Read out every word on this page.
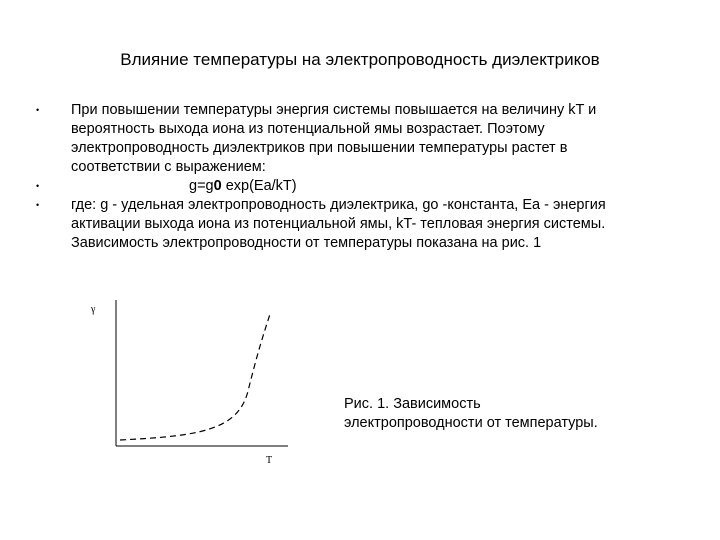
Влияние температуры на электропроводность диэлектриков
•	При повышении температуры энергия системы повышается на величину kT и
вероятность выхода иона из потенциальной ямы возрастает. Поэтому
электропроводность диэлектриков при повышении температуры растет в
соответствии с выражением:
•	g=g0 exp(Ea/kT)
•	где: g - удельная электропроводность диэлектрика, go -константа, Ea - энергия
активации выхода иона из потенциальной ямы, kT- тепловая энергия системы.
Зависимость электропроводности от температуры показана на рис. 1
γ
T
Рис. 1. Зависимость
электропроводности от температуры.
